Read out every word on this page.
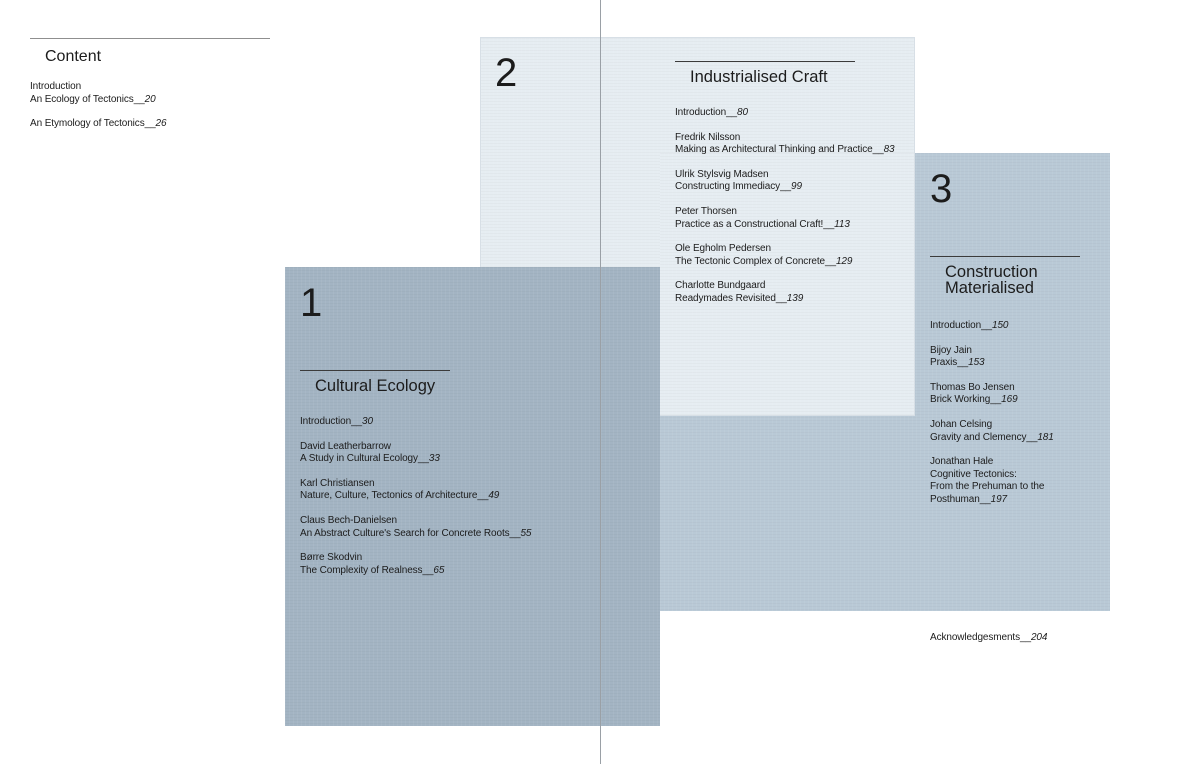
Content
Introduction
An Ecology of Tectonics__20
An Etymology of Tectonics__26
3
Construction
Materialised
Introduction__150
Bijoy Jain
Praxis__153
Thomas Bo Jensen
Brick Working__169
Johan Celsing
Gravity and Clemency__181
Jonathan Hale
Cognitive Tectonics:
From the Prehuman to the
Posthuman__197
2	Industrialised Craft
Introduction__80
Fredrik Nilsson
Making as Architectural Thinking and Practice__83
Ulrik Stylsvig Madsen
Constructing Immediacy__99
Peter Thorsen
Practice as a Constructional Craft!__113
Ole Egholm Pedersen
The Tectonic Complex of Concrete__129
Charlotte Bundgaard
Readymades Revisited__139
1
Cultural Ecology
Introduction__30
David Leatherbarrow
A Study in Cultural Ecology__33
Karl Christiansen
Nature, Culture, Tectonics of Architecture__49
Claus Bech-Danielsen
An Abstract Culture's Search for Concrete Roots__55
Børre Skodvin
The Complexity of Realness__65
Acknowledgesments__204
